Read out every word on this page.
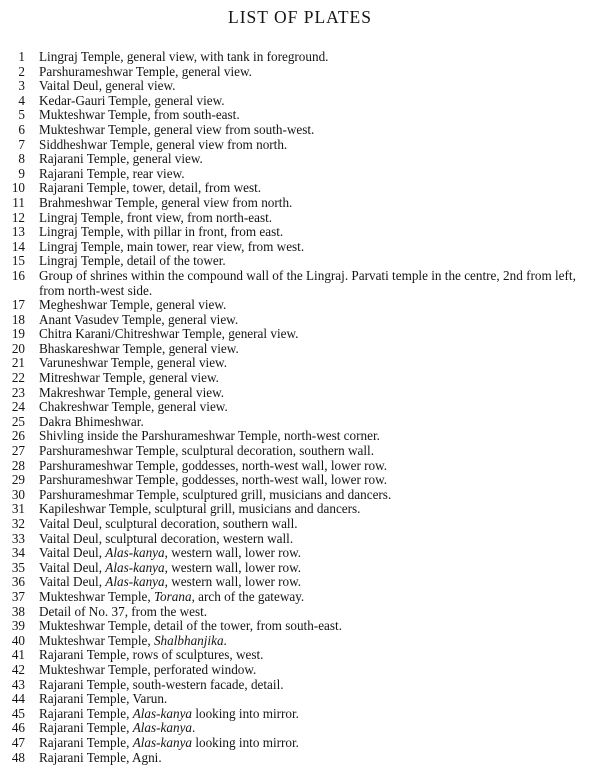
LIST OF PLATES
1 Lingraj Temple, general view, with tank in foreground.
2 Parshurameshwar Temple, general view.
3 Vaital Deul, general view.
4 Kedar-Gauri Temple, general view.
5 Mukteshwar Temple, from south-east.
6 Mukteshwar Temple, general view from south-west.
7 Siddheshwar Temple, general view from north.
8 Rajarani Temple, general view.
9 Rajarani Temple, rear view.
10 Rajarani Temple, tower, detail, from west.
11 Brahmeshwar Temple, general view from north.
12 Lingraj Temple, front view, from north-east.
13 Lingraj Temple, with pillar in front, from east.
14 Lingraj Temple, main tower, rear view, from west.
15 Lingraj Temple, detail of the tower.
16 Group of shrines within the compound wall of the Lingraj. Parvati temple in the centre, 2nd from left, from north-west side.
17 Megheshwar Temple, general view.
18 Anant Vasudev Temple, general view.
19 Chitra Karani/Chitreshwar Temple, general view.
20 Bhaskareshwar Temple, general view.
21 Varuneshwar Temple, general view.
22 Mitreshwar Temple, general view.
23 Makreshwar Temple, general view.
24 Chakreshwar Temple, general view.
25 Dakra Bhimeshwar.
26 Shivling inside the Parshurameshwar Temple, north-west corner.
27 Parshurameshwar Temple, sculptural decoration, southern wall.
28 Parshurameshwar Temple, goddesses, north-west wall, lower row.
29 Parshurameshwar Temple, goddesses, north-west wall, lower row.
30 Parshurameshmar Temple, sculptured grill, musicians and dancers.
31 Kapileshwar Temple, sculptural grill, musicians and dancers.
32 Vaital Deul, sculptural decoration, southern wall.
33 Vaital Deul, sculptural decoration, western wall.
34 Vaital Deul, Alas-kanya, western wall, lower row.
35 Vaital Deul, Alas-kanya, western wall, lower row.
36 Vaital Deul, Alas-kanya, western wall, lower row.
37 Mukteshwar Temple, Torana, arch of the gateway.
38 Detail of No. 37, from the west.
39 Mukteshwar Temple, detail of the tower, from south-east.
40 Mukteshwar Temple, Shalbhanjika.
41 Rajarani Temple, rows of sculptures, west.
42 Mukteshwar Temple, perforated window.
43 Rajarani Temple, south-western facade, detail.
44 Rajarani Temple, Varun.
45 Rajarani Temple, Alas-kanya looking into mirror.
46 Rajarani Temple, Alas-kanya.
47 Rajarani Temple, Alas-kanya looking into mirror.
48 Rajarani Temple, Agni.
